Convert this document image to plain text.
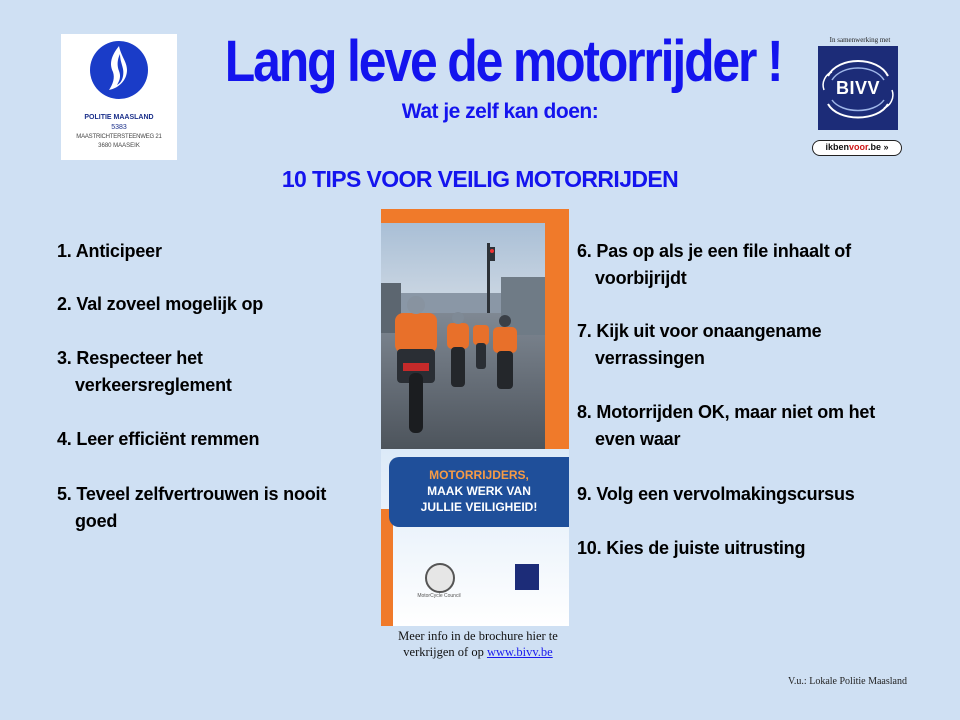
POLITIE MAASLAND
5383
MAASTRICHTERSTEENWEG 21
3680 MAASEIK
Lang leve de motorrijder !
Wat je zelf kan doen:
10 TIPS VOOR VEILIG MOTORRIJDEN
In samenwerking met
BIVV
ikbenvoor.be »
1. Anticipeer
2. Val zoveel mogelijk op
3. Respecteer het
verkeersreglement
4. Leer efficiënt remmen
5. Teveel zelfvertrouwen is nooit
goed
6. Pas op als je een file inhaalt of
voorbijrijdt
7. Kijk uit voor onaangename
verrassingen
8. Motorrijden OK, maar niet om het
even waar
9. Volg een vervolmakingscursus
10. Kies de juiste uitrusting
MOTORRIJDERS,
MAAK WERK VAN
JULLIE VEILIGHEID!
MotorCycle Council
Meer info in de brochure hier te
verkrijgen of op www.bivv.be
V.u.: Lokale Politie Maasland
